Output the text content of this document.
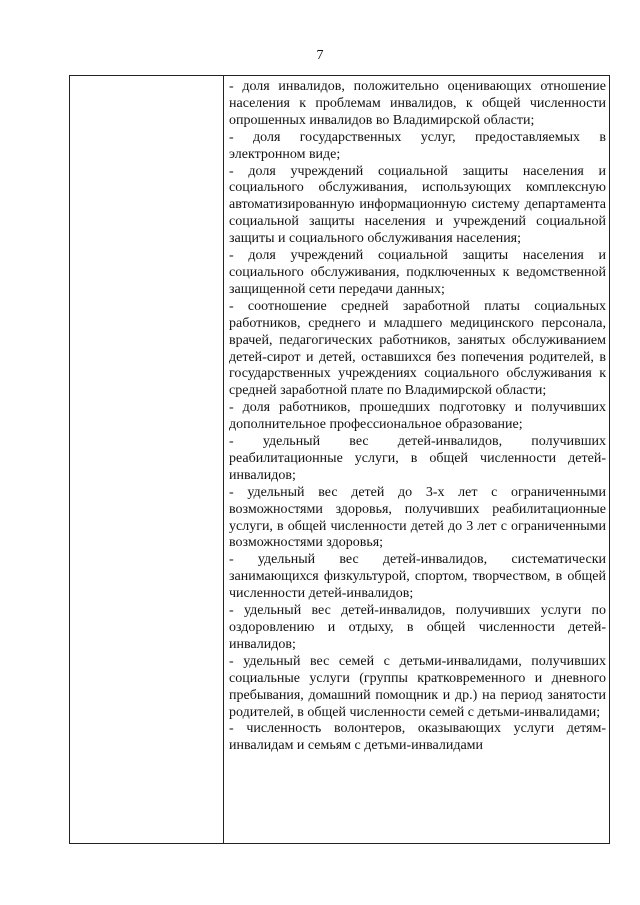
7

- доля инвалидов, положительно оценивающих отношение населения к проблемам инвалидов, к общей численности опрошенных инвалидов во Владимирской области;

- доля государственных услуг, предоставляемых в электронном виде;

- доля учреждений социальной защиты населения и социального обслуживания, использующих комплексную автоматизированную информационную систему департамента социальной защиты населения и учреждений социальной защиты и социального обслуживания населения;

- доля учреждений социальной защиты населения и социального обслуживания, подключенных к ведомственной защищенной сети передачи данных;

- соотношение средней заработной платы социальных работников, среднего и младшего медицинского персонала, врачей, педагогических работников, занятых обслуживанием детей-сирот и детей, оставшихся без попечения родителей, в государственных учреждениях социального обслуживания к средней заработной плате по Владимирской области;

- доля работников, прошедших подготовку и получивших дополнительное профессиональное образование;

- удельный вес детей-инвалидов, получивших реабилитационные услуги, в общей численности детей-инвалидов;

- удельный вес детей до 3-х лет с ограниченными возможностями здоровья, получивших реабилитационные услуги, в общей численности детей до 3 лет с ограниченными возможностями здоровья;

- удельный вес детей-инвалидов, систематически занимающихся физкультурой, спортом, творчеством, в общей численности детей-инвалидов;

- удельный вес детей-инвалидов, получивших услуги по оздоровлению и отдыху, в общей численности детей-инвалидов;

- удельный вес семей с детьми-инвалидами, получивших социальные услуги (группы кратковременного и дневного пребывания, домашний помощник и др.) на период занятости родителей, в общей численности семей с детьми-инвалидами;

- численность волонтеров, оказывающих услуги детям-инвалидам и семьям с детьми-инвалидами
